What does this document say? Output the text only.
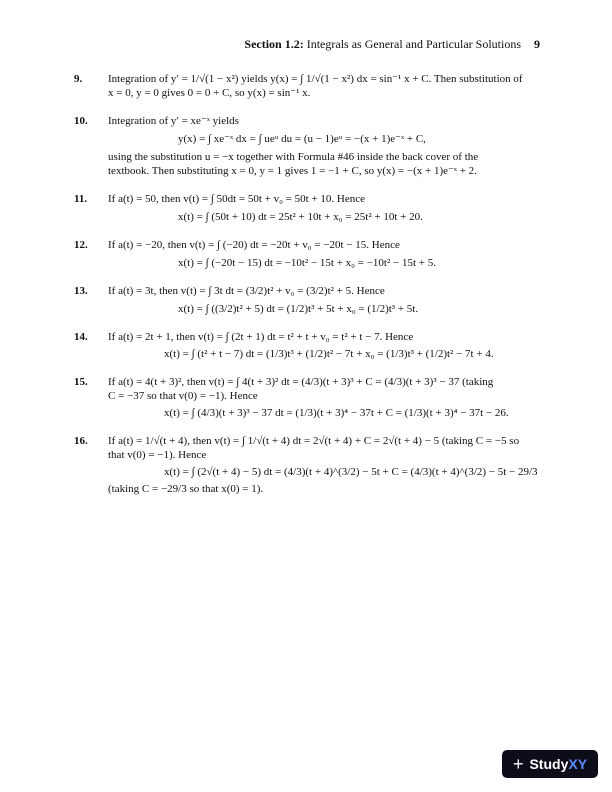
Section 1.2: Integrals as General and Particular Solutions 9
9.	Integration of y′ = 1/√(1 − x²) yields y(x) = ∫ 1/√(1 − x²) dx = sin⁻¹ x + C. Then substitution of
x = 0, y = 0 gives 0 = 0 + C, so y(x) = sin⁻¹ x.
10.	Integration of y′ = xe⁻ˣ yields
y(x) = ∫ xe⁻ˣ dx = ∫ ueᵘ du = (u − 1)eᵘ = −(x + 1)e⁻ˣ + C,
using the substitution u = −x together with Formula #46 inside the back cover of the
textbook. Then substituting x = 0, y = 1 gives 1 = −1 + C, so y(x) = −(x + 1)e⁻ˣ + 2.
11.	If a(t) = 50, then v(t) = ∫ 50dt = 50t + v₀ = 50t + 10. Hence
x(t) = ∫ (50t + 10) dt = 25t² + 10t + x₀ = 25t² + 10t + 20.
12.	If a(t) = −20, then v(t) = ∫ (−20) dt = −20t + v₀ = −20t − 15. Hence
x(t) = ∫ (−20t − 15) dt = −10t² − 15t + x₀ = −10t² − 15t + 5.
13.	If a(t) = 3t, then v(t) = ∫ 3t dt = (3/2)t² + v₀ = (3/2)t² + 5. Hence
x(t) = ∫ ((3/2)t² + 5) dt = (1/2)t³ + 5t + x₀ = (1/2)t³ + 5t.
14.	If a(t) = 2t + 1, then v(t) = ∫ (2t + 1) dt = t² + t + v₀ = t² + t − 7. Hence
x(t) = ∫ (t² + t − 7) dt = (1/3)t³ + (1/2)t² − 7t + x₀ = (1/3)t³ + (1/2)t² − 7t + 4.
15.	If a(t) = 4(t + 3)², then v(t) = ∫ 4(t + 3)² dt = (4/3)(t + 3)³ + C = (4/3)(t + 3)³ − 37 (taking
C = −37 so that v(0) = −1). Hence
x(t) = ∫ (4/3)(t + 3)³ − 37 dt = (1/3)(t + 3)⁴ − 37t + C = (1/3)(t + 3)⁴ − 37t − 26.
16.	If a(t) = 1/√(t + 4), then v(t) = ∫ 1/√(t + 4) dt = 2√(t + 4) + C = 2√(t + 4) − 5 (taking C = −5 so
that v(0) = −1). Hence
x(t) = ∫ (2√(t + 4) − 5) dt = (4/3)(t + 4)^(3/2) − 5t + C = (4/3)(t + 4)^(3/2) − 5t − 29/3
(taking C = −29/3 so that x(0) = 1).
+ Study XY
